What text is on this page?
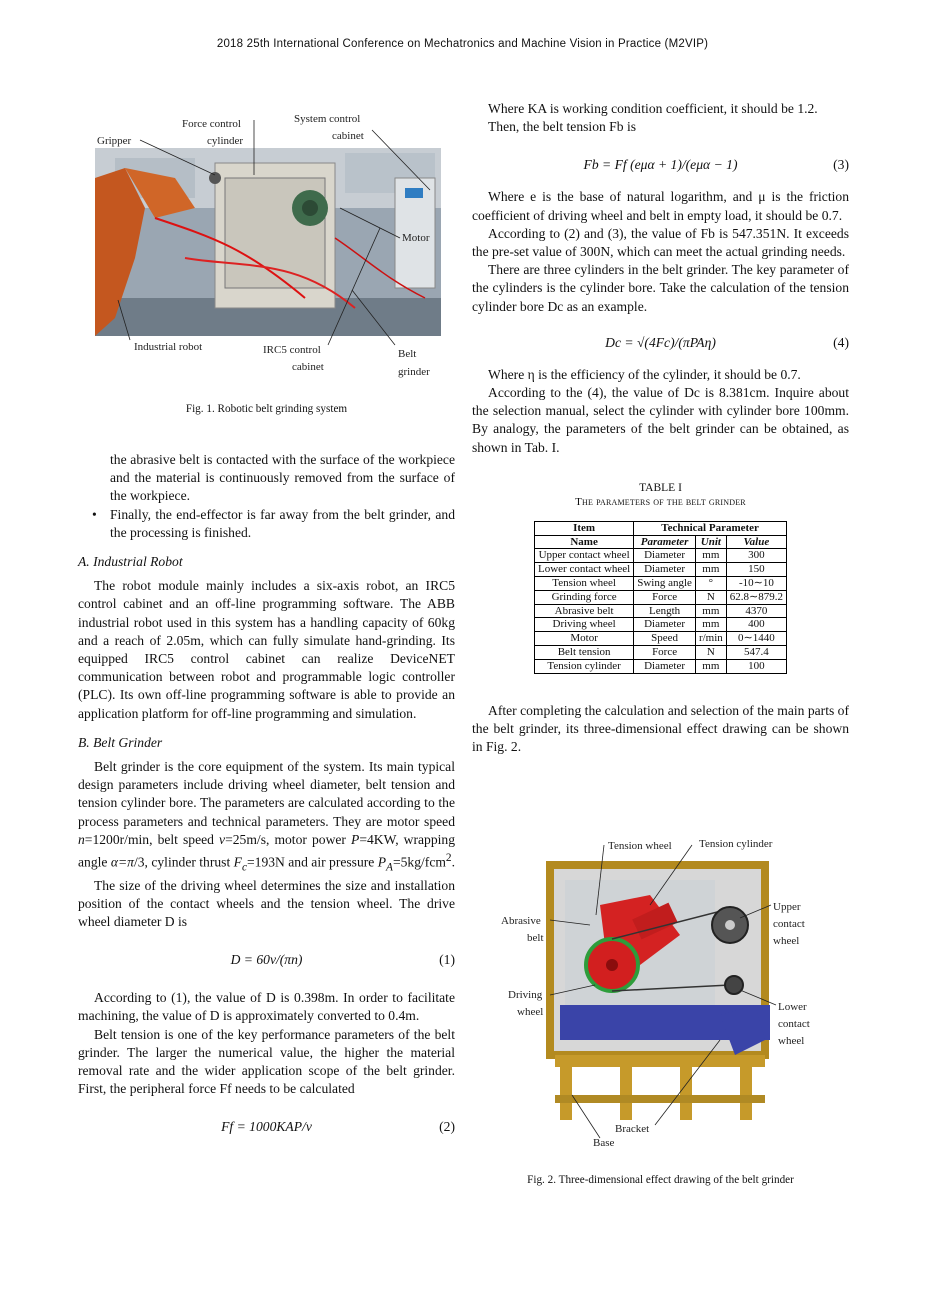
2018 25th International Conference on Mechatronics and Machine Vision in Practice (M2VIP)
Gripper
Force control
cylinder
System control
cabinet
Motor
Industrial robot	IRC5 control
cabinet
Belt
grinder
Fig. 1. Robotic belt grinding system
the abrasive belt is contacted with the surface of the workpiece and the material is continuously removed from the surface of the workpiece.
• Finally, the end-effector is far away from the belt grinder, and the processing is finished.

A. Industrial Robot

The robot module mainly includes a six-axis robot, an IRC5 control cabinet and an off-line programming software. The ABB industrial robot used in this system has a handling capacity of 60kg and a reach of 2.05m, which can fully simulate hand-grinding. Its equipped IRC5 control cabinet can realize DeviceNET communication between robot and programmable logic controller (PLC). Its own off-line programming software is able to provide an application platform for off-line programming and simulation.

B. Belt Grinder

Belt grinder is the core equipment of the system. Its main typical design parameters include driving wheel diameter, belt tension and tension cylinder bore. The parameters are calculated according to the process parameters and technical parameters. They are motor speed n=1200r/min, belt speed v=25m/s, motor power P=4KW, wrapping angle α=π/3, cylinder thrust $F_c=193N$ and air pressure $P_A=5kg/fcm^2$.

The size of the driving wheel determines the size and installation position of the contact wheels and the tension wheel. The drive wheel diameter D is

D = 60v/(πn)	(1)

According to (1), the value of D is 0.398m. In order to facilitate machining, the value of D is approximately converted to 0.4m.

Belt tension is one of the key performance parameters of the belt grinder. The larger the numerical value, the higher the material removal rate and the wider application scope of the belt grinder. First, the peripheral force Ff needs to be calculated

Ff = 1000KAP/v	(2)

Where KA is working condition coefficient, it should be 1.2.

Then, the belt tension Fb is

Fb = Ff (eμα + 1)/(eμα − 1)	(3)

Where e is the base of natural logarithm, and μ is the friction coefficient of driving wheel and belt in empty load, it should be 0.7.

According to (2) and (3), the value of Fb is 547.351N. It exceeds the pre-set value of 300N, which can meet the actual grinding needs.

There are three cylinders in the belt grinder. The key parameter of the cylinders is the cylinder bore. Take the calculation of the tension cylinder bore Dc as an example.

Dc = √(4Fc)/(πPAη)	(4)

Where η is the efficiency of the cylinder, it should be 0.7.

According to the (4), the value of Dc is 8.381cm. Inquire about the selection manual, select the cylinder with cylinder bore 100mm. By analogy, the parameters of the belt grinder can be obtained, as shown in Tab. I.

TABLE I
The parameters of the belt grinder
Item	Technical Parameter		
Name	Parameter	Unit	Value
Upper contact wheel	Diameter	mm	300
Lower contact wheel	Diameter	mm	150
Tension wheel	Swing angle	°	-10∼10
Grinding force	Force	N	62.8∼879.2
Abrasive belt	Length	mm	4370
Driving wheel	Diameter	mm	400
Motor	Speed	r/min	0∼1440
Belt tension	Force	N	547.4
Tension cylinder	Diameter	mm	100

After completing the calculation and selection of the main parts of the belt grinder, its three-dimensional effect drawing can be shown in Fig. 2.

Tension wheel Tension cylinder
Abrasive
belt
Upper
contact
wheel
Driving
wheel	Lower
contact
wheel
Bracket
Base
Fig. 2. Three-dimensional effect drawing of the belt grinder
